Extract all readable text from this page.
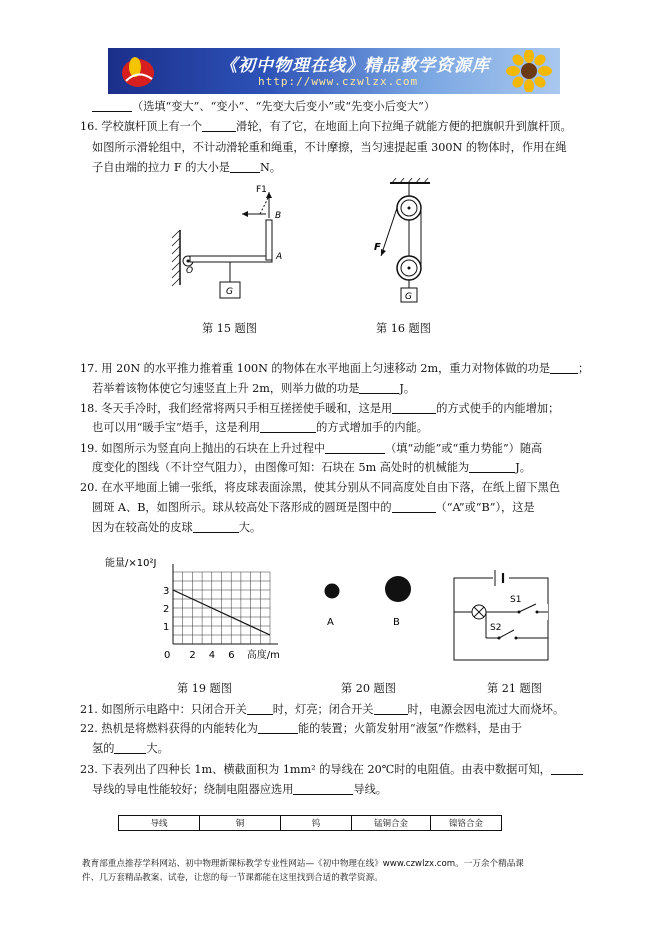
《初中物理在线》精品教学资源库
http://www.czwlzx.com
（选填“变大”、“变小”、“先变大后变小”或“先变小后变大”）
16. 学校旗杆顶上有一个	滑轮，有了它，在地面上向下拉绳子就能方便的把旗帜升到旗杆顶。
如图所示滑轮组中，不计动滑轮重和绳重，不计摩擦，当匀速提起重 300N 的物体时，作用在绳
子自由端的拉力 F 的大小是	N。
F1
B
A
O
G
第 15 题图
F
G
第 16 题图
17. 用 20N 的水平推力推着重 100N 的物体在水平地面上匀速移动 2m，重力对物体做的功是	；
若举着该物体使它匀速竖直上升 2m，则举力做的功是	J。
18. 冬天手冷时，我们经常将两只手相互搓搓使手暖和，这是用	的方式使手的内能增加；
也可以用“暖手宝”焐手，这是利用	的方式增加手的内能。
19. 如图所示为竖直向上抛出的石块在上升过程中	（填“动能”或“重力势能”）随高
度变化的图线（不计空气阻力），由图像可知：石块在 5m 高处时的机械能为	J。
20. 在水平地面上铺一张纸，将皮球表面涂黑，使其分别从不同高度处自由下落，在纸上留下黑色
圆斑 A、B，如图所示。球从较高处下落形成的圆斑是图中的	（“A”或“B”），这是
因为在较高处的皮球	大。
能量/×10²J
0 2 4 6
1
2
3
高度/m
第 19 题图
A	B
第 20 题图
S1
S2
第 21 题图
21. 如图所示电路中：只闭合开关 时，灯亮；闭合开关	时，电源会因电流过大而烧坏。
22. 热机是将燃料获得的内能转化为	能的装置；火箭发射用“液氢”作燃料，是由于
氢的	大。
23. 下表列出了四种长 1m、横截面积为 1mm² 的导线在 20℃时的电阻值。由表中数据可知，
导线的导电性能较好；绕制电阻器应选用	导线。
导线	铜	钨	锰铜合金	镍铬合金
教育部重点推荐学科网站、初中物理新课标教学专业性网站—《初中物理在线》www.czwlzx.com。一万余个精品课
件、几万套精品教案、试卷，让您的每一节课都能在这里找到合适的教学资源。
